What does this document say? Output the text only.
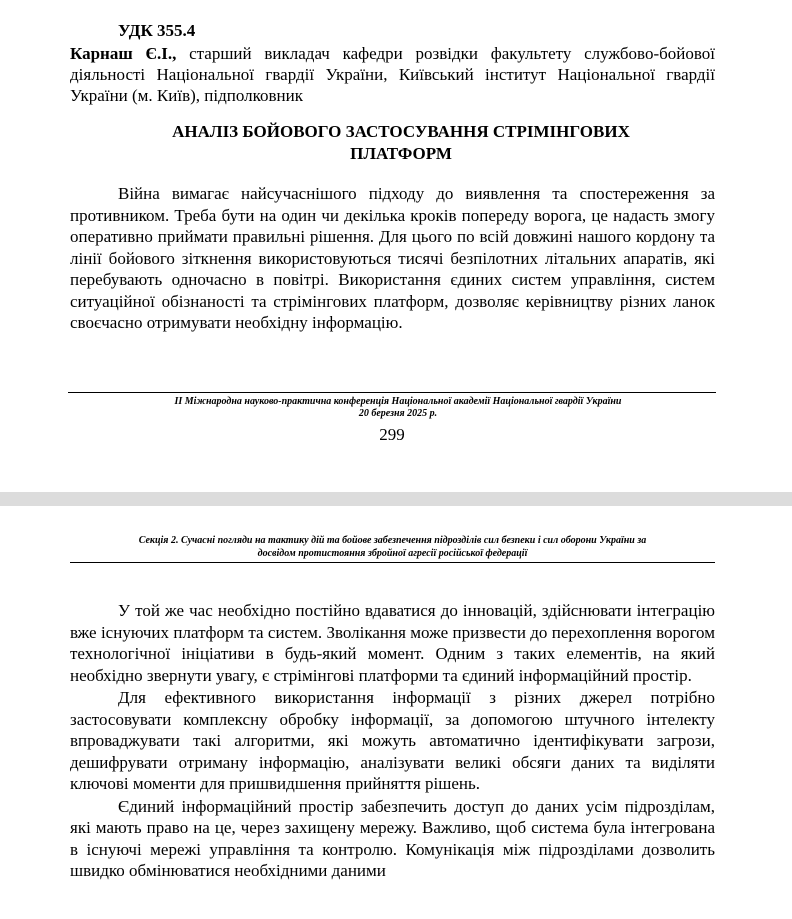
УДК 355.4
Карнаш Є.І., старший викладач кафедри розвідки факультету службово-бойової діяльності Національної гвардії України, Київський інститут Національної гвардії України (м. Київ), підполковник
АНАЛІЗ БОЙОВОГО ЗАСТОСУВАННЯ СТРІМІНГОВИХ
ПЛАТФОРМ

Війна вимагає найсучаснішого підходу до виявлення та спостереження за противником. Треба бути на один чи декілька кроків попереду ворога, це надасть змогу оперативно приймати правильні рішення. Для цього по всій довжині нашого кордону та лінії бойового зіткнення використовуються тисячі безпілотних літальних апаратів, які перебувають одночасно в повітрі. Використання єдиних систем управління, систем ситуаційної обізнаності та стрімінгових платформ, дозволяє керівництву різних ланок своєчасно отримувати необхідну інформацію.

ІІ Міжнародна науково-практична конференція Національної академії Національної гвардії України
20 березня 2025 р.
299
Секція 2. Сучасні погляди на тактику дій та бойове забезпечення підрозділів сил безпеки і сил оборони України за
досвідом протистояння збройної агресії російської федерації

У той же час необхідно постійно вдаватися до інновацій, здійснювати інтеграцію вже існуючих платформ та систем. Зволікання може призвести до перехоплення ворогом технологічної ініціативи в будь-який момент. Одним з таких елементів, на який необхідно звернути увагу, є стрімінгові платформи та єдиний інформаційний простір.

Для ефективного використання інформації з різних джерел потрібно застосовувати комплексну обробку інформації, за допомогою штучного інтелекту впроваджувати такі алгоритми, які можуть автоматично ідентифікувати загрози, дешифрувати отриману інформацію, аналізувати великі обсяги даних та виділяти ключові моменти для пришвидшення прийняття рішень.

Єдиний інформаційний простір забезпечить доступ до даних усім підрозділам, які мають право на це, через захищену мережу. Важливо, щоб система була інтегрована в існуючі мережі управління та контролю. Комунікація між підрозділами дозволить швидко обмінюватися необхідними даними
